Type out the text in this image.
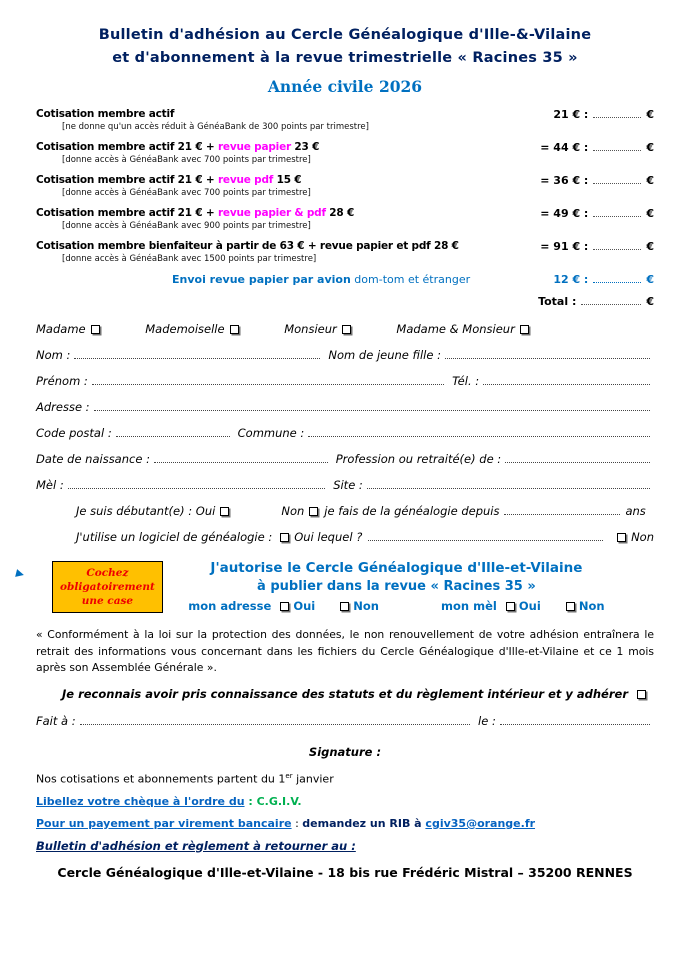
Bulletin d'adhésion au Cercle Généalogique d'Ille-&-Vilaine
et d'abonnement à la revue trimestrielle « Racines 35 »
Année civile 2026
Cotisation membre actif
[ne donne qu'un accès réduit à GénéaBank de 300 points par trimestre]
21 € :	€
Cotisation membre actif 21 € + revue papier 23 €
[donne accès à GénéaBank avec 700 points par trimestre]
= 44 € :	€
Cotisation membre actif 21 € + revue pdf 15 €
[donne accès à GénéaBank avec 700 points par trimestre]
= 36 € :	€
Cotisation membre actif 21 € + revue papier & pdf 28 €
[donne accès à GénéaBank avec 900 points par trimestre]
= 49 € :	€
Cotisation membre bienfaiteur à partir de 63 € + revue papier et pdf 28 €
[donne accès à GénéaBank avec 1500 points par trimestre]
= 91 € :	€
Envoi revue papier par avion dom-tom et étranger	12 € :	€
Total :	€
Madame	Mademoiselle	Monsieur	Madame & Monsieur
Nom :	Nom de jeune fille :
Prénom :	Tél. :
Adresse :
Code postal :	Commune :
Date de naissance :	Profession ou retraité(e) de :
Mèl :	Site :
Je suis débutant(e) : Oui	Non je fais de la généalogie depuis	ans
J'utilise un logiciel de généalogie : Oui lequel ?	Non
Cochez
obligatoirement
une case
J'autorise le Cercle Généalogique d'Ille-et-Vilaine
à publier dans la revue « Racines 35 »
mon adresse Oui	Non	mon mèl Oui	Non
« Conformément à la loi sur la protection des données, le non renouvellement de votre adhésion entraînera le retrait des informations vous concernant dans les fichiers du Cercle Généalogique d'Ille-et-Vilaine et ce 1 mois après son Assemblée Générale ».
Je reconnais avoir pris connaissance des statuts et du règlement intérieur et y adhérer
Fait à :	le :
Signature :
Nos cotisations et abonnements partent du 1er janvier
Libellez votre chèque à l'ordre du : C.G.I.V.
Pour un payement par virement bancaire : demandez un RIB à cgiv35@orange.fr
Bulletin d'adhésion et règlement à retourner au :
Cercle Généalogique d'Ille-et-Vilaine - 18 bis rue Frédéric Mistral – 35200 RENNES
